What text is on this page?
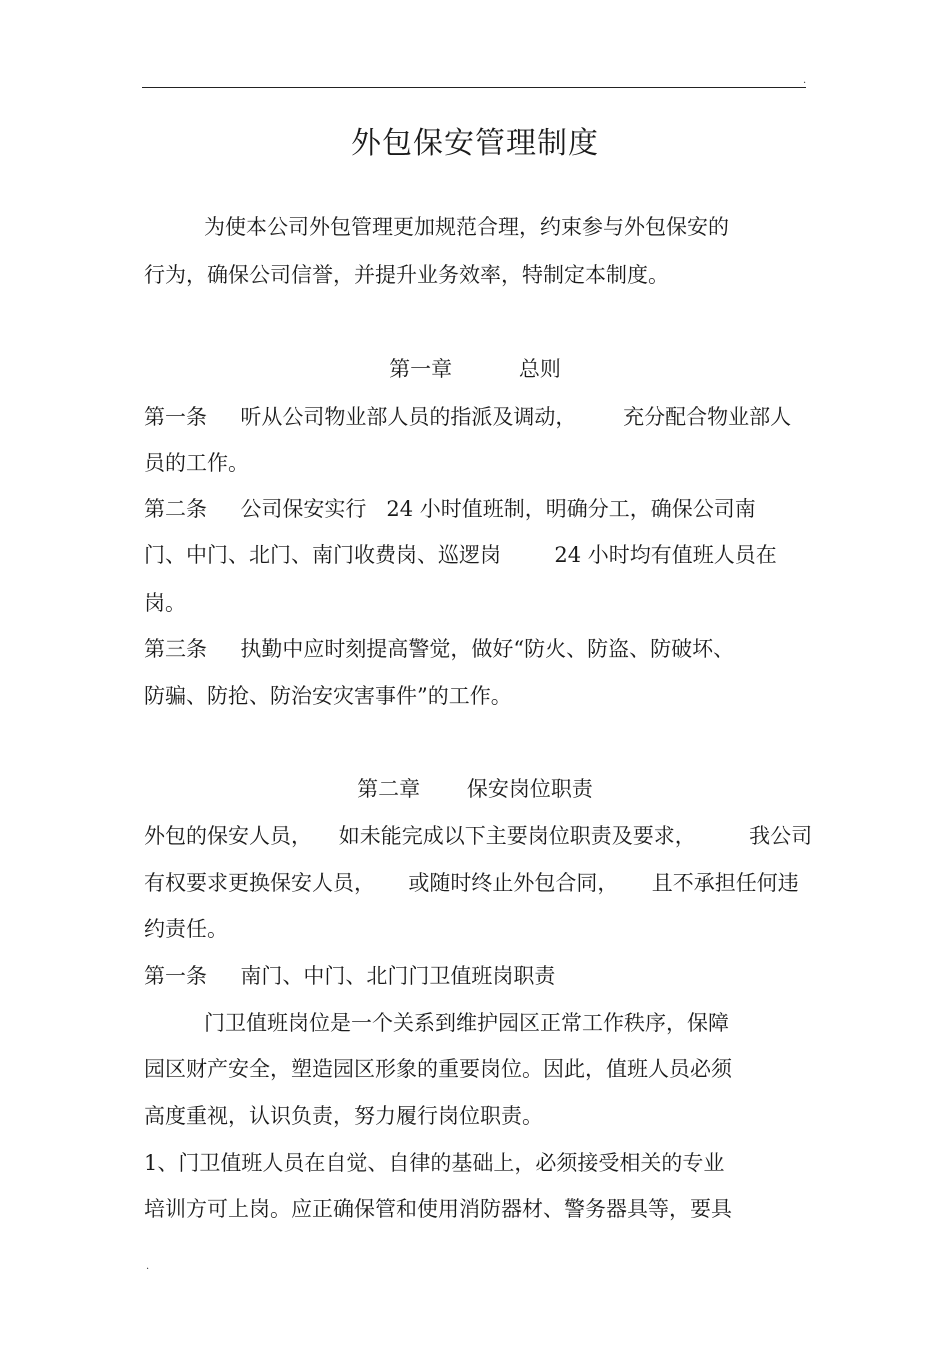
.
外包保安管理制度
为使本公司外包管理更加规范合理，约束参与外包保安的
行为，确保公司信誉，并提升业务效率，特制定本制度。
第一章          总则
第一条     听从公司物业部人员的指派及调动，       充分配合物业部人
员的工作。
第二条     公司保安实行   24 小时值班制，明确分工，确保公司南
门、中门、北门、南门收费岗、巡逻岗        24 小时均有值班人员在
岗。
第三条     执勤中应时刻提高警觉，做好“防火、防盗、防破坏、
防骗、防抢、防治安灾害事件”的工作。
第二章       保安岗位职责
外包的保安人员，    如未能完成以下主要岗位职责及要求，        我公司
有权要求更换保安人员，     或随时终止外包合同，     且不承担任何违
约责任。
第一条     南门、中门、北门门卫值班岗职责
门卫值班岗位是一个关系到维护园区正常工作秩序，保障
园区财产安全，塑造园区形象的重要岗位。因此，值班人员必须
高度重视，认识负责，努力履行岗位职责。
1、门卫值班人员在自觉、自律的基础上，必须接受相关的专业
培训方可上岗。应正确保管和使用消防器材、警务器具等，要具
.
